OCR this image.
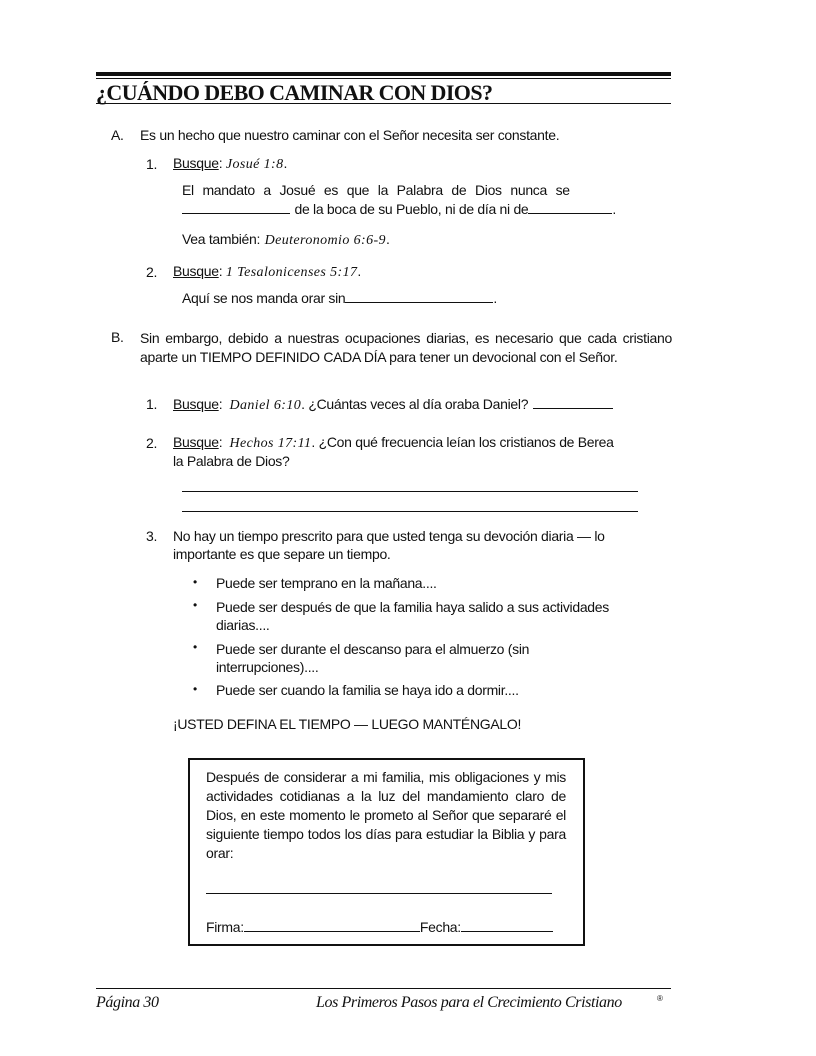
¿CUÁNDO DEBO CAMINAR CON DIOS?
A. Es un hecho que nuestro caminar con el Señor necesita ser constante.
1. Busque: Josué 1:8.
El mandato a Josué es que la Palabra de Dios nunca se
de la boca de su Pueblo, ni de día ni de	.
Vea también: Deuteronomio 6:6-9.
2. Busque: 1 Tesalonicenses 5:17.
Aquí se nos manda orar sin	.
B. Sin embargo, debido a nuestras ocupaciones diarias, es necesario que cada cristiano aparte un TIEMPO DEFINIDO CADA DÍA para tener un devocional con el Señor.
1. Busque:  Daniel 6:10. ¿Cuántas veces al día oraba Daniel?
2. Busque:  Hechos 17:11. ¿Con qué frecuencia leían los cristianos de Berea
la Palabra de Dios?
3. No hay un tiempo prescrito para que usted tenga su devoción diaria — lo
importante es que separe un tiempo.
• Puede ser temprano en la mañana....
• Puede ser después de que la familia haya salido a sus actividades diarias....
• Puede ser durante el descanso para el almuerzo (sin interrupciones)....
• Puede ser cuando la familia se haya ido a dormir....
¡USTED DEFINA EL TIEMPO — LUEGO MANTÉNGALO!
Después de considerar a mi familia, mis obligaciones y mis actividades cotidianas a la luz del mandamiento claro de Dios, en este momento le prometo al Señor que separaré el siguiente tiempo todos los días para estudiar la Biblia y para orar:
Firma:	Fecha:
Página 30	Los Primeros Pasos para el Crecimiento Cristiano	®
